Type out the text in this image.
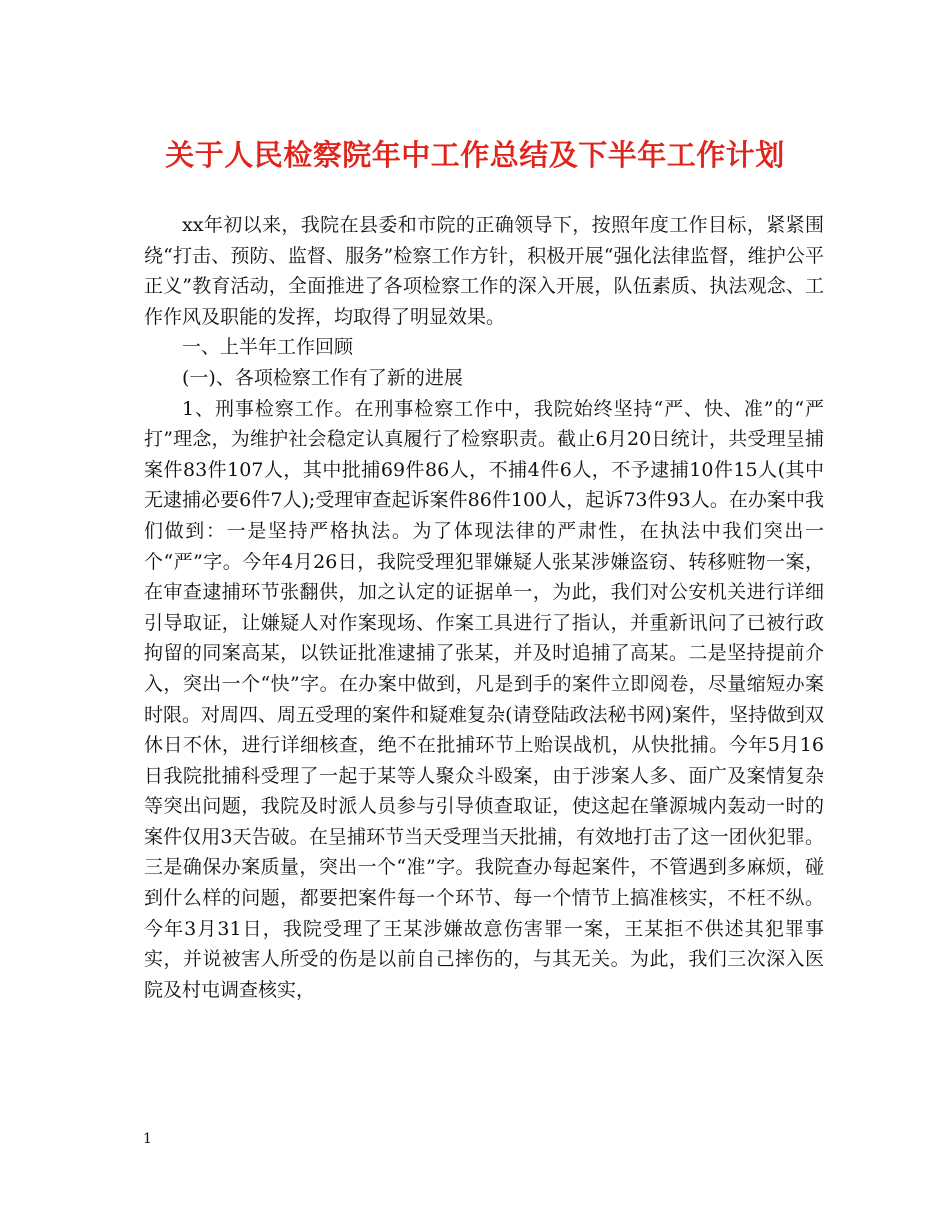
关于人民检察院年中工作总结及下半年工作计划

xx年初以来，我院在县委和市院的正确领导下，按照年度工作目标，紧紧围绕“打击、预防、监督、服务”检察工作方针，积极开展“强化法律监督，维护公平正义”教育活动，全面推进了各项检察工作的深入开展，队伍素质、执法观念、工作作风及职能的发挥，均取得了明显效果。

一、上半年工作回顾

(一)、各项检察工作有了新的进展

1、刑事检察工作。在刑事检察工作中，我院始终坚持“严、快、准”的“严打”理念，为维护社会稳定认真履行了检察职责。截止6月20日统计，共受理呈捕案件83件107人，其中批捕69件86人，不捕4件6人，不予逮捕10件15人(其中无逮捕必要6件7人);受理审查起诉案件86件100人，起诉73件93人。在办案中我们做到：一是坚持严格执法。为了体现法律的严肃性，在执法中我们突出一个“严”字。今年4月26日，我院受理犯罪嫌疑人张某涉嫌盗窃、转移赃物一案，在审查逮捕环节张翻供，加之认定的证据单一，为此，我们对公安机关进行详细引导取证，让嫌疑人对作案现场、作案工具进行了指认，并重新讯问了已被行政拘留的同案高某，以铁证批准逮捕了张某，并及时追捕了高某。二是坚持提前介入，突出一个“快”字。在办案中做到，凡是到手的案件立即阅卷，尽量缩短办案时限。对周四、周五受理的案件和疑难复杂(请登陆政法秘书网)案件，坚持做到双休日不休，进行详细核查，绝不在批捕环节上贻误战机，从快批捕。今年5月16日我院批捕科受理了一起于某等人聚众斗殴案，由于涉案人多、面广及案情复杂等突出问题，我院及时派人员参与引导侦查取证，使这起在肇源城内轰动一时的案件仅用3天告破。在呈捕环节当天受理当天批捕，有效地打击了这一团伙犯罪。三是确保办案质量，突出一个“准”字。我院查办每起案件，不管遇到多麻烦，碰到什么样的问题，都要把案件每一个环节、每一个情节上搞准核实，不枉不纵。今年3月31日，我院受理了王某涉嫌故意伤害罪一案，王某拒不供述其犯罪事实，并说被害人所受的伤是以前自己摔伤的，与其无关。为此，我们三次深入医院及村屯调查核实，

1
